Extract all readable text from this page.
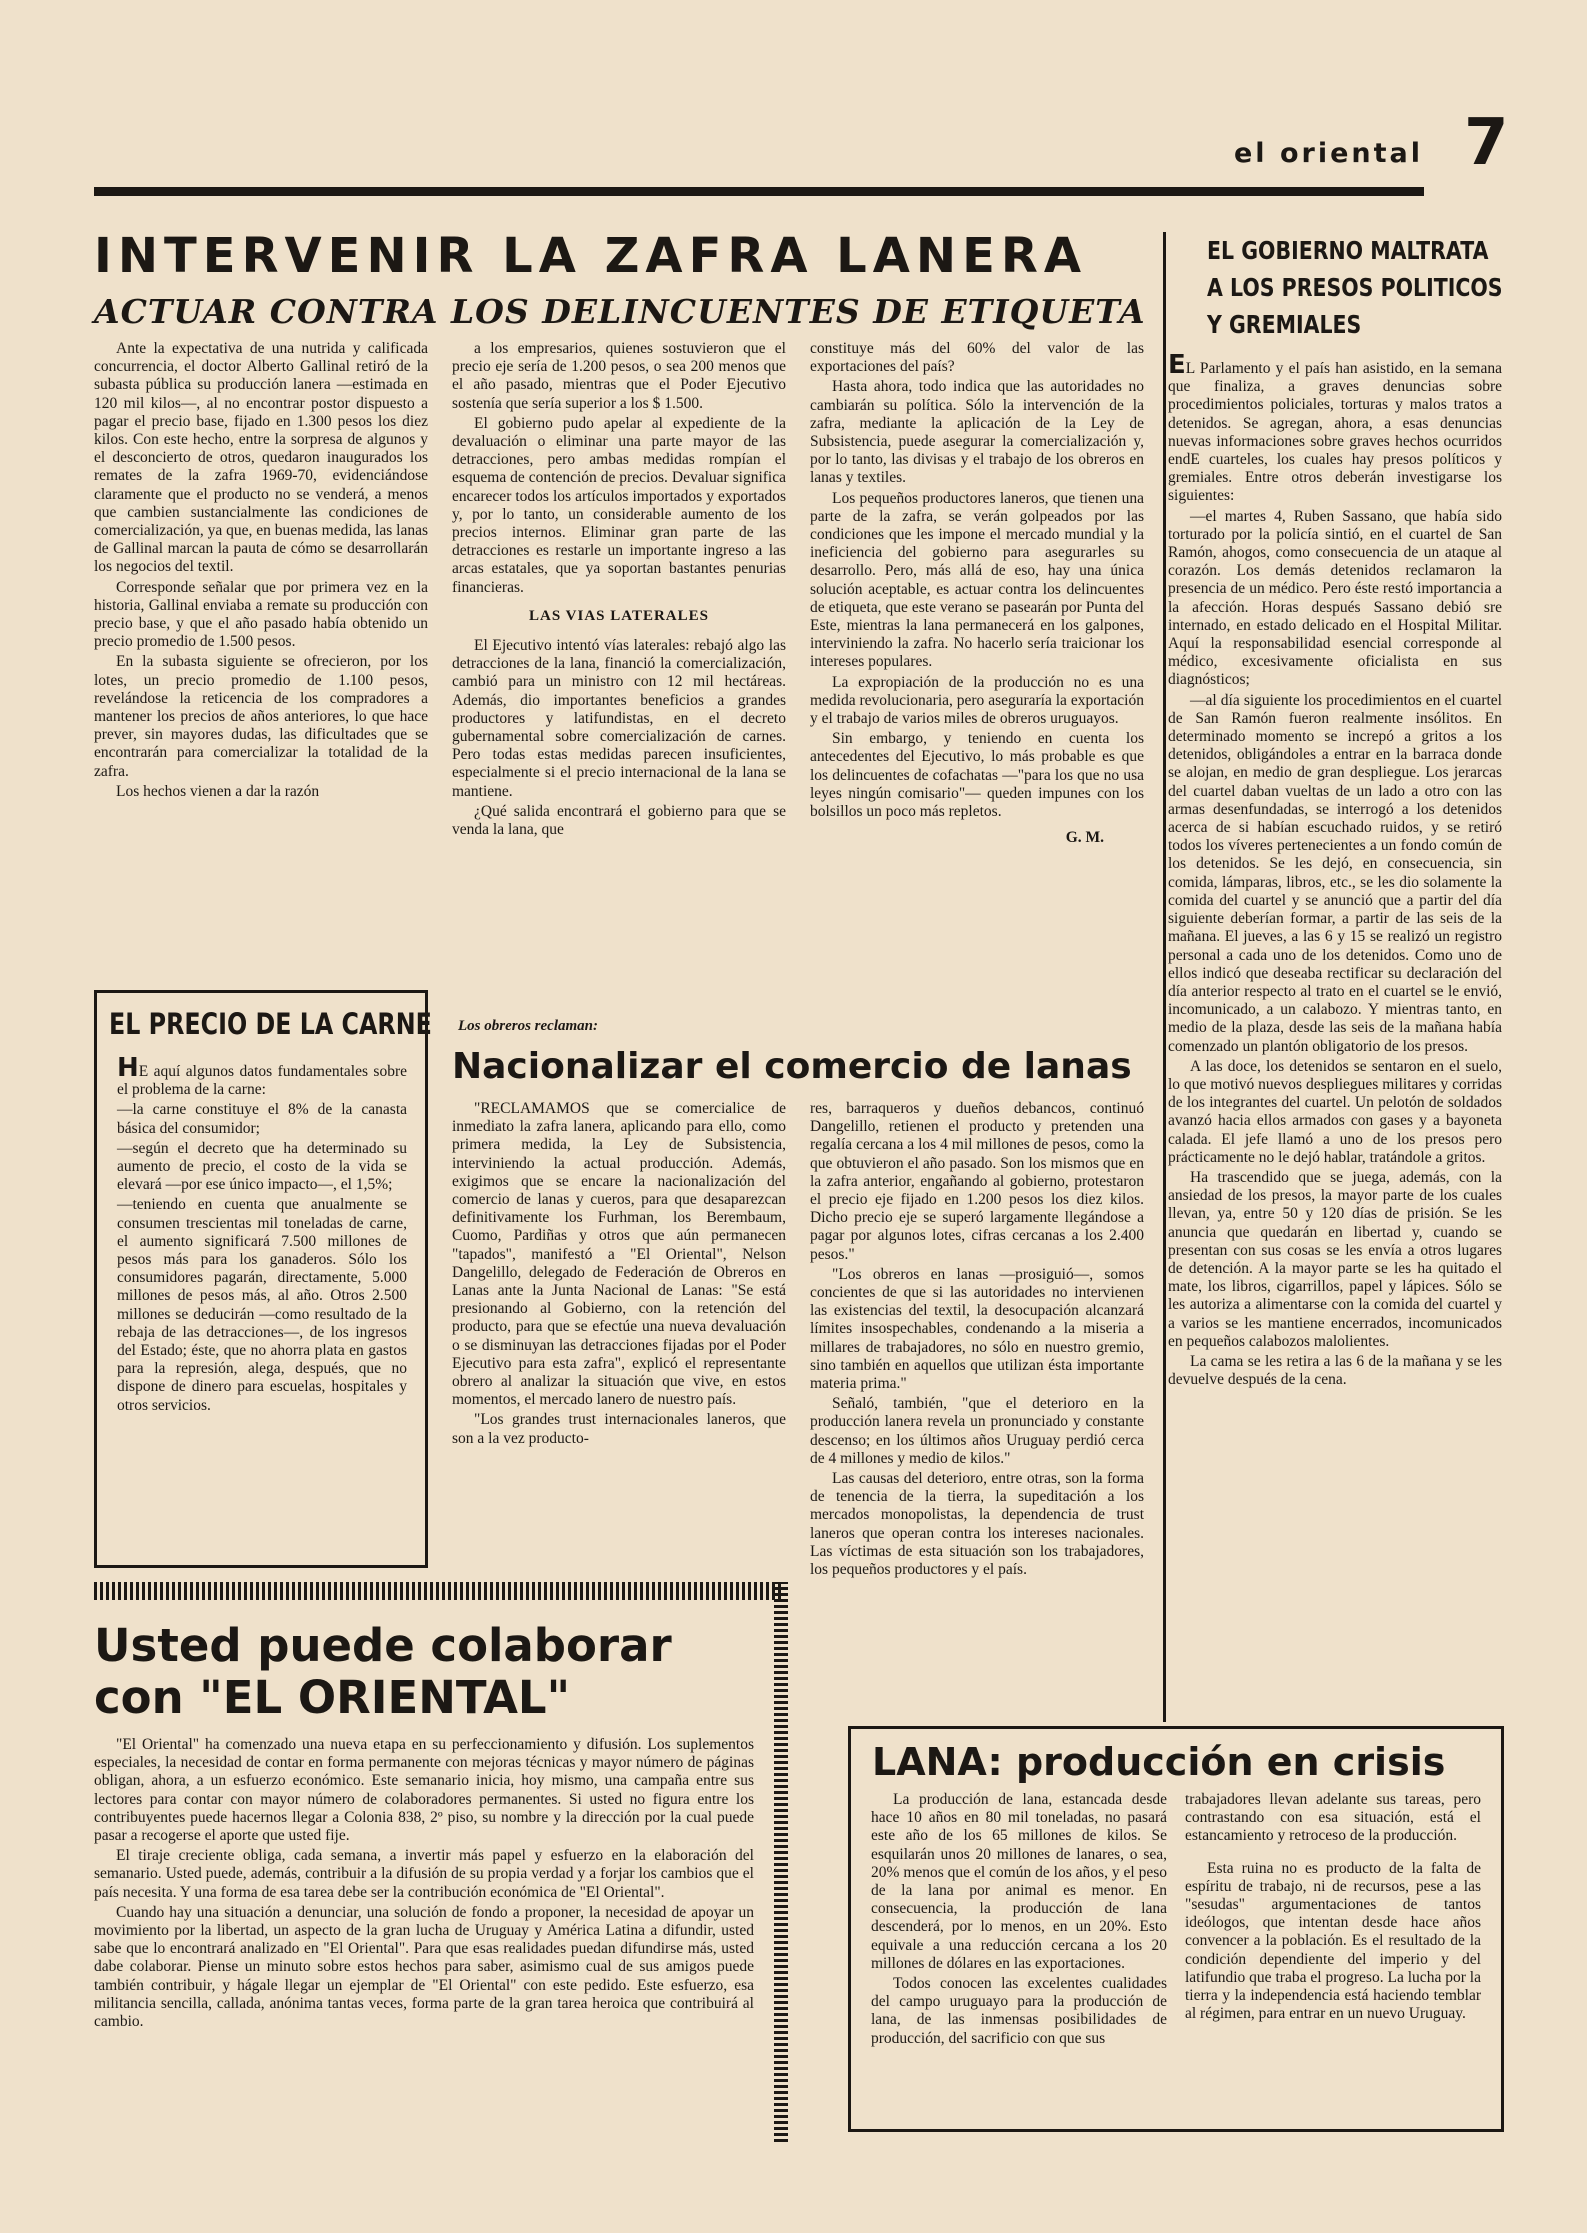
el oriental 7
INTERVENIR LA ZAFRA LANERA
ACTUAR CONTRA LOS DELINCUENTES DE ETIQUETA

Ante la expectativa de una nutrida y calificada concurrencia, el doctor Alberto Gallinal retiró de la subasta pública su producción lanera —estimada en 120 mil kilos—, al no encontrar postor dispuesto a pagar el precio base, fijado en 1.300 pesos los diez kilos. Con este hecho, entre la sorpresa de algunos y el desconcierto de otros, quedaron inaugurados los remates de la zafra 1969-70, evidenciándose claramente que el producto no se venderá, a menos que cambien sustancialmente las condiciones de comercialización, ya que, en buenas medida, las lanas de Gallinal marcan la pauta de cómo se desarrollarán los negocios del textil.

Corresponde señalar que por primera vez en la historia, Gallinal enviaba a remate su producción con precio base, y que el año pasado había obtenido un precio promedio de 1.500 pesos.

En la subasta siguiente se ofrecieron, por los lotes, un precio promedio de 1.100 pesos, revelándose la reticencia de los compradores a mantener los precios de años anteriores, lo que hace prever, sin mayores dudas, las dificultades que se encontrarán para comercializar la totalidad de la zafra.

Los hechos vienen a dar la razón

a los empresarios, quienes sostuvieron que el precio eje sería de 1.200 pesos, o sea 200 menos que el año pasado, mientras que el Poder Ejecutivo sostenía que sería superior a los $ 1.500.

El gobierno pudo apelar al expediente de la devaluación o eliminar una parte mayor de las detracciones, pero ambas medidas rompían el esquema de contención de precios. Devaluar significa encarecer todos los artículos importados y exportados y, por lo tanto, un considerable aumento de los precios internos. Eliminar gran parte de las detracciones es restarle un importante ingreso a las arcas estatales, que ya soportan bastantes penurias financieras.

LAS VIAS LATERALES

El Ejecutivo intentó vías laterales: rebajó algo las detracciones de la lana, financió la comercialización, cambió para un ministro con 12 mil hectáreas. Además, dio importantes beneficios a grandes productores y latifundistas, en el decreto gubernamental sobre comercialización de carnes. Pero todas estas medidas parecen insuficientes, especialmente si el precio internacional de la lana se mantiene.

¿Qué salida encontrará el gobierno para que se venda la lana, que

constituye más del 60% del valor de las exportaciones del país?

Hasta ahora, todo indica que las autoridades no cambiarán su política. Sólo la intervención de la zafra, mediante la aplicación de la Ley de Subsistencia, puede asegurar la comercialización y, por lo tanto, las divisas y el trabajo de los obreros en lanas y textiles.

Los pequeños productores laneros, que tienen una parte de la zafra, se verán golpeados por las condiciones que les impone el mercado mundial y la ineficiencia del gobierno para asegurarles su desarrollo. Pero, más allá de eso, hay una única solución aceptable, es actuar contra los delincuentes de etiqueta, que este verano se pasearán por Punta del Este, mientras la lana permanecerá en los galpones, interviniendo la zafra. No hacerlo sería traicionar los intereses populares.

La expropiación de la producción no es una medida revolucionaria, pero aseguraría la exportación y el trabajo de varios miles de obreros uruguayos.

Sin embargo, y teniendo en cuenta los antecedentes del Ejecutivo, lo más probable es que los delincuentes de cofachatas —"para los que no usa leyes ningún comisario"— queden impunes con los bolsillos un poco más repletos.

G. M.
EL GOBIERNO MALTRATA
A LOS PRESOS POLITICOS
Y GREMIALES

EL Parlamento y el país han asistido, en la semana que finaliza, a graves denuncias sobre procedimientos policiales, torturas y malos tratos a detenidos. Se agregan, ahora, a esas denuncias nuevas informaciones sobre graves hechos ocurridos endE cuarteles, los cuales hay presos políticos y gremiales. Entre otros deberán investigarse los siguientes:

—el martes 4, Ruben Sassano, que había sido torturado por la policía sintió, en el cuartel de San Ramón, ahogos, como consecuencia de un ataque al corazón. Los demás detenidos reclamaron la presencia de un médico. Pero éste restó importancia a la afección. Horas después Sassano debió sre internado, en estado delicado en el Hospital Militar. Aquí la responsabilidad esencial corresponde al médico, excesivamente oficialista en sus diagnósticos;

—al día siguiente los procedimientos en el cuartel de San Ramón fueron realmente insólitos. En determinado momento se increpó a gritos a los detenidos, obligándoles a entrar en la barraca donde se alojan, en medio de gran despliegue. Los jerarcas del cuartel daban vueltas de un lado a otro con las armas desenfundadas, se interrogó a los detenidos acerca de si habían escuchado ruidos, y se retiró todos los víveres pertenecientes a un fondo común de los detenidos. Se les dejó, en consecuencia, sin comida, lámparas, libros, etc., se les dio solamente la comida del cuartel y se anunció que a partir del día siguiente deberían formar, a partir de las seis de la mañana. El jueves, a las 6 y 15 se realizó un registro personal a cada uno de los detenidos. Como uno de ellos indicó que deseaba rectificar su declaración del día anterior respecto al trato en el cuartel se le envió, incomunicado, a un calabozo. Y mientras tanto, en medio de la plaza, desde las seis de la mañana había comenzado un plantón obligatorio de los presos.

A las doce, los detenidos se sentaron en el suelo, lo que motivó nuevos despliegues militares y corridas de los integrantes del cuartel. Un pelotón de soldados avanzó hacia ellos armados con gases y a bayoneta calada. El jefe llamó a uno de los presos pero prácticamente no le dejó hablar, tratándole a gritos.

Ha trascendido que se juega, además, con la ansiedad de los presos, la mayor parte de los cuales llevan, ya, entre 50 y 120 días de prisión. Se les anuncia que quedarán en libertad y, cuando se presentan con sus cosas se les envía a otros lugares de detención. A la mayor parte se les ha quitado el mate, los libros, cigarrillos, papel y lápices. Sólo se les autoriza a alimentarse con la comida del cuartel y a varios se les mantiene encerrados, incomunicados en pequeños calabozos malolientes.

La cama se les retira a las 6 de la mañana y se les devuelve después de la cena.

EL PRECIO DE LA CARNE

HE aquí algunos datos fundamentales sobre el problema de la carne:

—la carne constituye el 8% de la canasta básica del consumidor;

—según el decreto que ha determinado su aumento de precio, el costo de la vida se elevará —por ese único impacto—, el 1,5%;

—teniendo en cuenta que anualmente se consumen trescientas mil toneladas de carne, el aumento significará 7.500 millones de pesos más para los ganaderos. Sólo los consumidores pagarán, directamente, 5.000 millones de pesos más, al año. Otros 2.500 millones se deducirán —como resultado de la rebaja de las detracciones—, de los ingresos del Estado; éste, que no ahorra plata en gastos para la represión, alega, después, que no dispone de dinero para escuelas, hospitales y otros servicios.

Los obreros reclaman:
Nacionalizar el comercio de lanas

"RECLAMAMOS que se comercialice de inmediato la zafra lanera, aplicando para ello, como primera medida, la Ley de Subsistencia, interviniendo la actual producción. Además, exigimos que se encare la nacionalización del comercio de lanas y cueros, para que desaparezcan definitivamente los Furhman, los Berembaum, Cuomo, Pardiñas y otros que aún permanecen "tapados", manifestó a "El Oriental", Nelson Dangelillo, delegado de Federación de Obreros en Lanas ante la Junta Nacional de Lanas: "Se está presionando al Gobierno, con la retención del producto, para que se efectúe una nueva devaluación o se disminuyan las detracciones fijadas por el Poder Ejecutivo para esta zafra", explicó el representante obrero al analizar la situación que vive, en estos momentos, el mercado lanero de nuestro país.

"Los grandes trust internacionales laneros, que son a la vez producto-

res, barraqueros y dueños debancos, continuó Dangelillo, retienen el producto y pretenden una regalía cercana a los 4 mil millones de pesos, como la que obtuvieron el año pasado. Son los mismos que en la zafra anterior, engañando al gobierno, protestaron el precio eje fijado en 1.200 pesos los diez kilos. Dicho precio eje se superó largamente llegándose a pagar por algunos lotes, cifras cercanas a los 2.400 pesos."

"Los obreros en lanas —prosiguió—, somos concientes de que si las autoridades no intervienen las existencias del textil, la desocupación alcanzará límites insospechables, condenando a la miseria a millares de trabajadores, no sólo en nuestro gremio, sino también en aquellos que utilizan ésta importante materia prima."

Señaló, también, "que el deterioro en la producción lanera revela un pronunciado y constante descenso; en los últimos años Uruguay perdió cerca de 4 millones y medio de kilos."

Las causas del deterioro, entre otras, son la forma de tenencia de la tierra, la supeditación a los mercados monopolistas, la dependencia de trust laneros que operan contra los intereses nacionales. Las víctimas de esta situación son los trabajadores, los pequeños productores y el país.

Usted puede colaborar
con "EL ORIENTAL"

"El Oriental" ha comenzado una nueva etapa en su perfeccionamiento y difusión. Los suplementos especiales, la necesidad de contar en forma permanente con mejoras técnicas y mayor número de páginas obligan, ahora, a un esfuerzo económico. Este semanario inicia, hoy mismo, una campaña entre sus lectores para contar con mayor número de colaboradores permanentes. Si usted no figura entre los contribuyentes puede hacernos llegar a Colonia 838, 2º piso, su nombre y la dirección por la cual puede pasar a recogerse el aporte que usted fije.

El tiraje creciente obliga, cada semana, a invertir más papel y esfuerzo en la elaboración del semanario. Usted puede, además, contribuir a la difusión de su propia verdad y a forjar los cambios que el país necesita. Y una forma de esa tarea debe ser la contribución económica de "El Oriental".

Cuando hay una situación a denunciar, una solución de fondo a proponer, la necesidad de apoyar un movimiento por la libertad, un aspecto de la gran lucha de Uruguay y América Latina a difundir, usted sabe que lo encontrará analizado en "El Oriental". Para que esas realidades puedan difundirse más, usted dabe colaborar. Piense un minuto sobre estos hechos para saber, asimismo cual de sus amigos puede también contribuir, y hágale llegar un ejemplar de "El Oriental" con este pedido. Este esfuerzo, esa militancia sencilla, callada, anónima tantas veces, forma parte de la gran tarea heroica que contribuirá al cambio.

La producción de lana, estancada desde hace 10 años en 80 mil toneladas, no pasará este año de los 65 millones de kilos. Se esquilarán unos 20 millones de lanares, o sea, 20% menos que el común de los años, y el peso de la lana por animal es menor. En consecuencia, la producción de lana descenderá, por lo menos, en un 20%. Esto equivale a una reducción cercana a los 20 millones de dólares en las exportaciones.

Todos conocen las excelentes cualidades del campo uruguayo para la producción de lana, de las inmensas posibilidades de producción, del sacrificio con que sus

trabajadores llevan adelante sus tareas, pero contrastando con esa situación, está el estancamiento y retroceso de la producción.

Esta ruina no es producto de la falta de espíritu de trabajo, ni de recursos, pese a las "sesudas" argumentaciones de tantos ideólogos, que intentan desde hace años convencer a la población. Es el resultado de la condición dependiente del imperio y del latifundio que traba el progreso. La lucha por la tierra y la independencia está haciendo temblar al régimen, para entrar en un nuevo Uruguay.

LANA: producción en crisis
